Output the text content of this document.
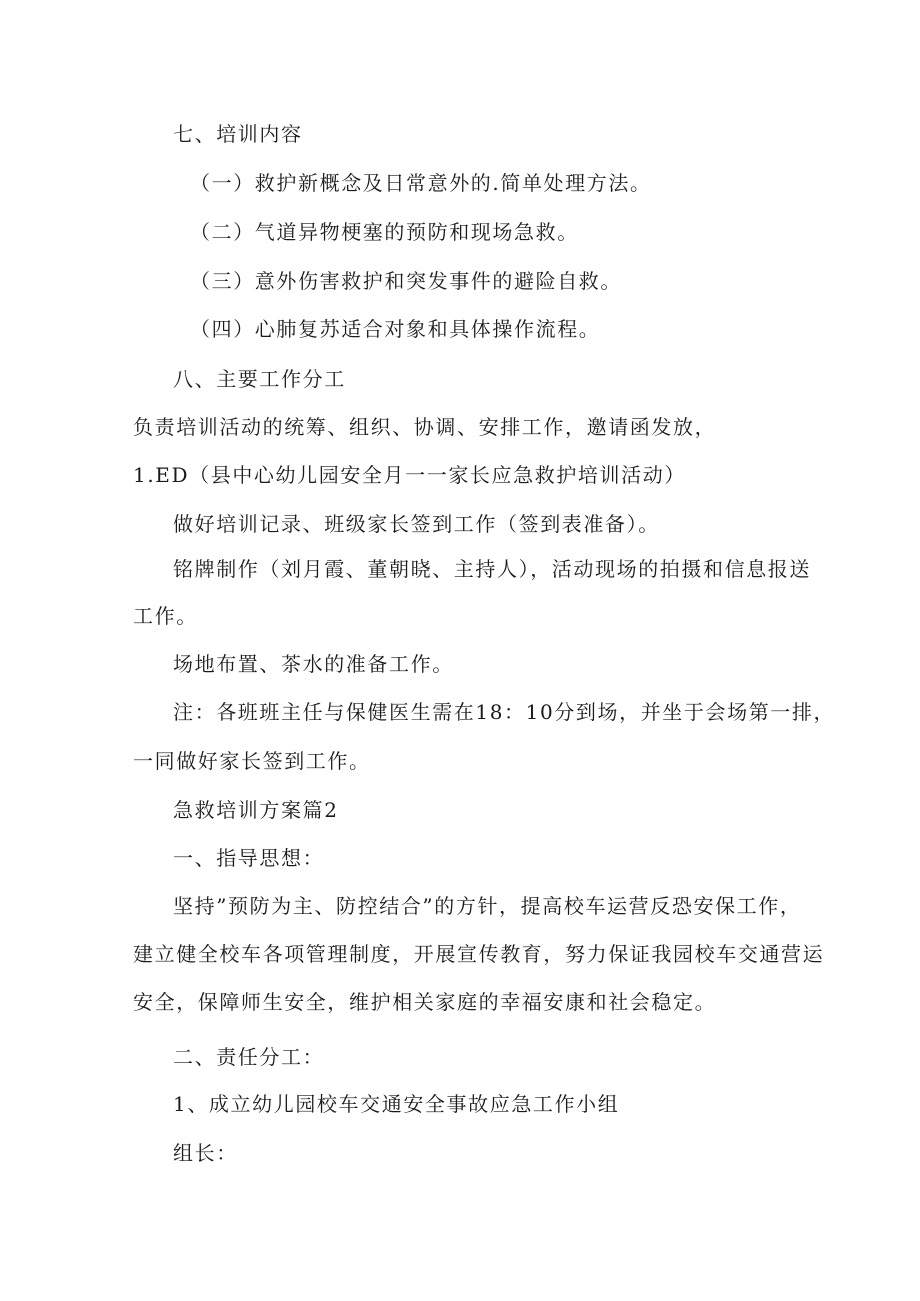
七、培训内容
（一）救护新概念及日常意外的.简单处理方法。
（二）气道异物梗塞的预防和现场急救。
（三）意外伤害救护和突发事件的避险自救。
（四）心肺复苏适合对象和具体操作流程。
八、主要工作分工
负责培训活动的统筹、组织、协调、安排工作，邀请函发放，
1.ED（县中心幼儿园安全月一一家长应急救护培训活动）
做好培训记录、班级家长签到工作（签到表准备）。
铭牌制作（刘月霞、董朝晓、主持人），活动现场的拍摄和信息报送
工作。
场地布置、茶水的准备工作。
注：各班班主任与保健医生需在18：10分到场，并坐于会场第一排，
一同做好家长签到工作。
急救培训方案篇2
一、指导思想：
坚持”预防为主、防控结合”的方针，提高校车运营反恐安保工作，
建立健全校车各项管理制度，开展宣传教育，努力保证我园校车交通营运
安全，保障师生安全，维护相关家庭的幸福安康和社会稳定。
二、责任分工：
1、成立幼儿园校车交通安全事故应急工作小组
组长：
